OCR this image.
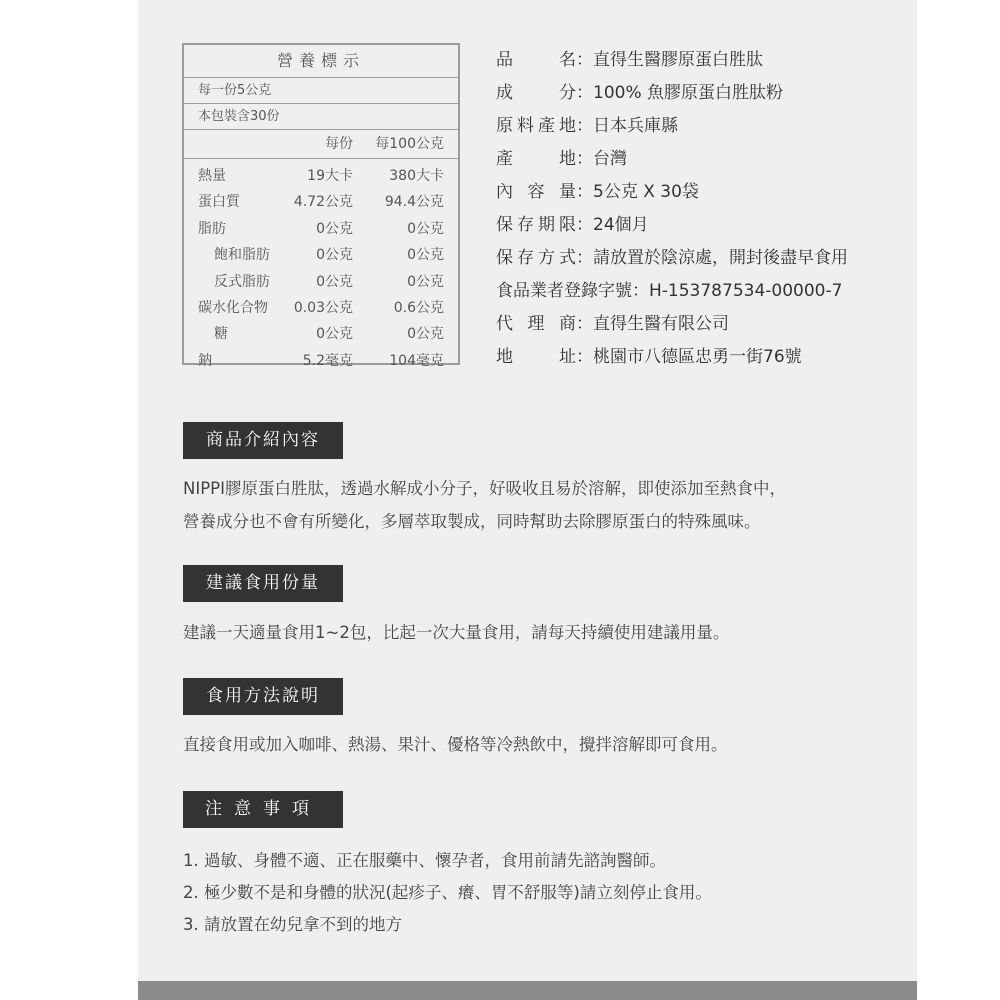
營養標示
每一份5公克
本包裝含30份
每份 每100公克
熱量	19大卡	380大卡
蛋白質	4.72公克 94.4公克
脂肪	0公克	0公克
飽和脂肪	0公克	0公克
反式脂肪	0公克	0公克
碳水化合物 0.03公克	0.6公克
糖	0公克	0公克
鈉	5.2毫克	104毫克
品名：直得生醫膠原蛋白胜肽
成分：100% 魚膠原蛋白胜肽粉
原料產地：日本兵庫縣
產地：台灣
內容量：5公克 X 30袋
保存期限：24個月
保存方式：請放置於陰涼處，開封後盡早食用
食品業者登錄字號：H-153787534-00000-7
代理商：直得生醫有限公司
地址：桃園市八德區忠勇一街76號
商品介紹內容
NIPPI膠原蛋白胜肽，透過水解成小分子，好吸收且易於溶解，即使添加至熱食中，
營養成分也不會有所變化，多層萃取製成，同時幫助去除膠原蛋白的特殊風味。
建議食用份量
建議一天適量食用1~2包，比起一次大量食用，請每天持續使用建議用量。
食用方法說明
直接食用或加入咖啡、熱湯、果汁、優格等冷熱飲中，攪拌溶解即可食用。
注意事項
1. 過敏、身體不適、正在服藥中、懷孕者，食用前請先諮詢醫師。
2. 極少數不是和身體的狀況(起疹子、癢、胃不舒服等)請立刻停止食用。
3. 請放置在幼兒拿不到的地方
